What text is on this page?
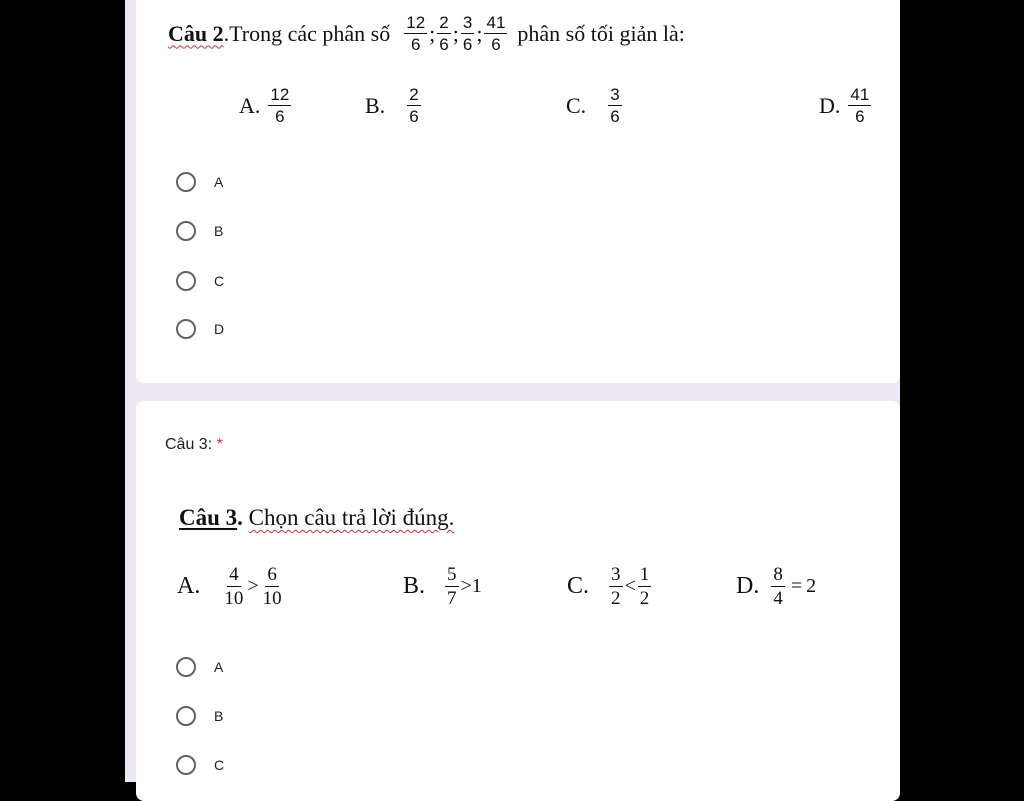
Câu 2 . Trong các phân số $\frac{12}{6}$ ; $\frac{2}{6}$ ; $\frac{3}{6}$ ; $\frac{41}{6}$ phân số tối giản là:
A. $\frac{12}{6}$	B. $\frac{2}{6}$	C. $\frac{3}{6}$	D. $\frac{41}{6}$
A
B
C
D
Câu 3: *
Câu 3. Chọn câu trả lời đúng.
A. $\frac{4}{10} > \frac{6}{10}$	B. $\frac{5}{7} > 1$	C. $\frac{3}{2} < \frac{1}{2}$	D. $\frac{8}{4} = 2$
A
B
C
